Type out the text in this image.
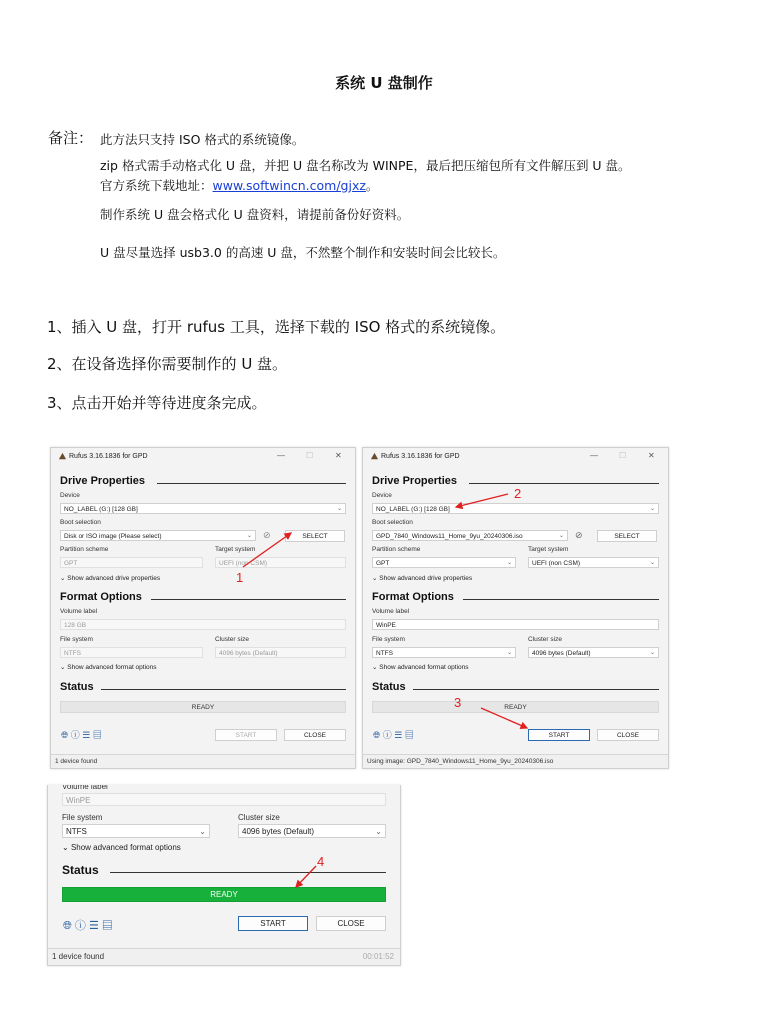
系统 U 盘制作
备注： 此方法只支持 ISO 格式的系统镜像。
zip 格式需手动格式化 U 盘，并把 U 盘名称改为 WINPE，最后把压缩包所有文件解压到 U 盘。
官方系统下载地址：www.softwincn.com/gjxz。
制作系统 U 盘会格式化 U 盘资料，请提前备份好资料。
U 盘尽量选择 usb3.0 的高速 U 盘，不然整个制作和安装时间会比较长。
1、插入 U 盘，打开 rufus 工具，选择下载的 ISO 格式的系统镜像。
2、在设备选择你需要制作的 U 盘。
3、点击开始并等待进度条完成。
Rufus 3.16.1836 for GPD	—	☐	✕
Drive Properties
Device
NO_LABEL (G:) [128 GB]	⌄
Boot selection
Disk or ISO image (Please select)	⌄ ⊘	SELECT
Partition scheme	Target system
GPT	UEFI (non CSM)
⌄ Show advanced drive properties
Format Options
Volume label
128 GB
File system	Cluster size
NTFS	4096 bytes (Default)
⌄ Show advanced format options
Status
READY
🌐︎ ⓘ ☰ ▤	START	CLOSE
1 device found
Rufus 3.16.1836 for GPD	—	☐	✕
Drive Properties
Device
NO_LABEL (G:) [128 GB]	⌄
Boot selection
GPD_7840_Windows11_Home_9yu_20240306.iso	⌄ ⊘	SELECT
Partition scheme	Target system
GPT	⌄	UEFI (non CSM)	⌄
⌄ Show advanced drive properties
Format Options
Volume label
WinPE
File system	Cluster size
NTFS	⌄	4096 bytes (Default)	⌄
⌄ Show advanced format options
Status
READY
🌐︎ ⓘ ☰ ▤	START	CLOSE
Using image: GPD_7840_Windows11_Home_9yu_20240306.iso
Volume label
WinPE
File system	Cluster size
NTFS	⌄	4096 bytes (Default)	⌄
⌄ Show advanced format options
Status
READY
🌐︎ ⓘ ☰ ▤	START	CLOSE
1 device found	00:01:52
1
2
3
4
